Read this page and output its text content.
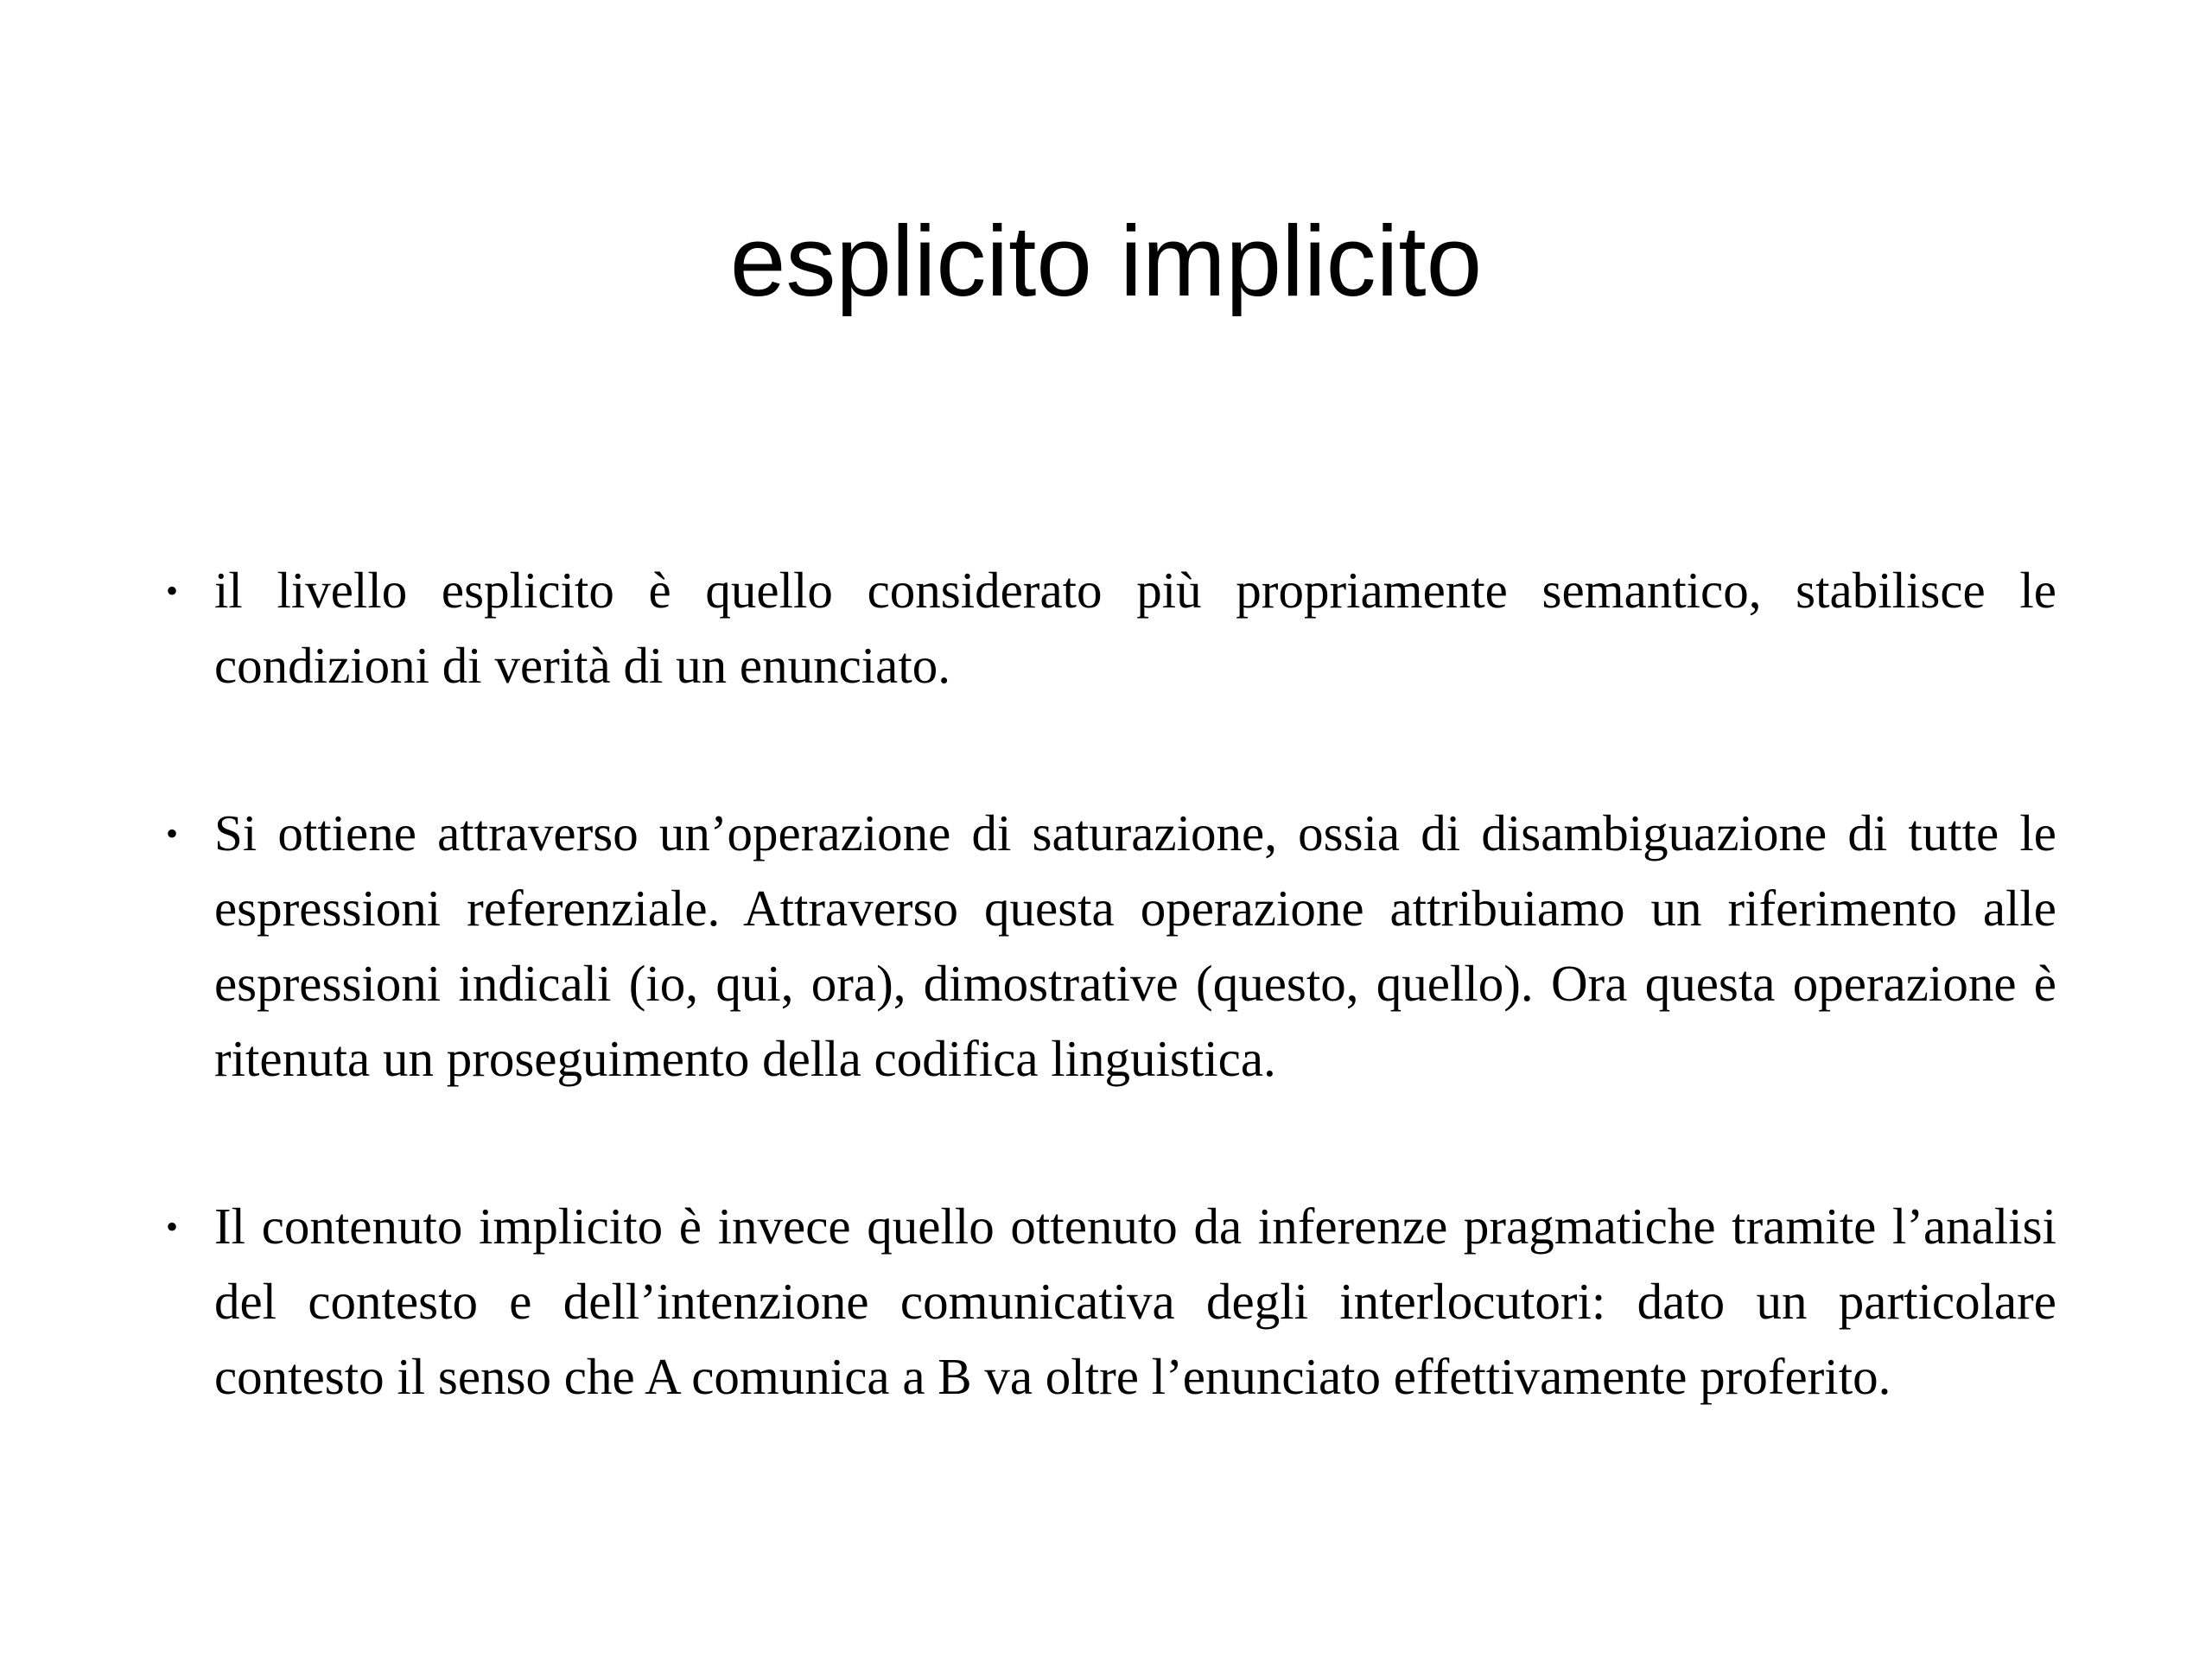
esplicito implicito
• il livello esplicito è quello considerato più propriamente semantico, stabilisce le condizioni di verità di un enunciato.
• Si ottiene attraverso un’operazione di saturazione, ossia di disambiguazione di tutte le espressioni referenziale. Attraverso questa operazione attribuiamo un riferimento alle espressioni indicali (io, qui, ora), dimostrative (questo, quello). Ora questa operazione è ritenuta un proseguimento della codifica linguistica.
• Il contenuto implicito è invece quello ottenuto da inferenze pragmatiche tramite l’analisi del contesto e dell’intenzione comunicativa degli interlocutori: dato un particolare contesto il senso che A comunica a B va oltre l’enunciato effettivamente proferito.
